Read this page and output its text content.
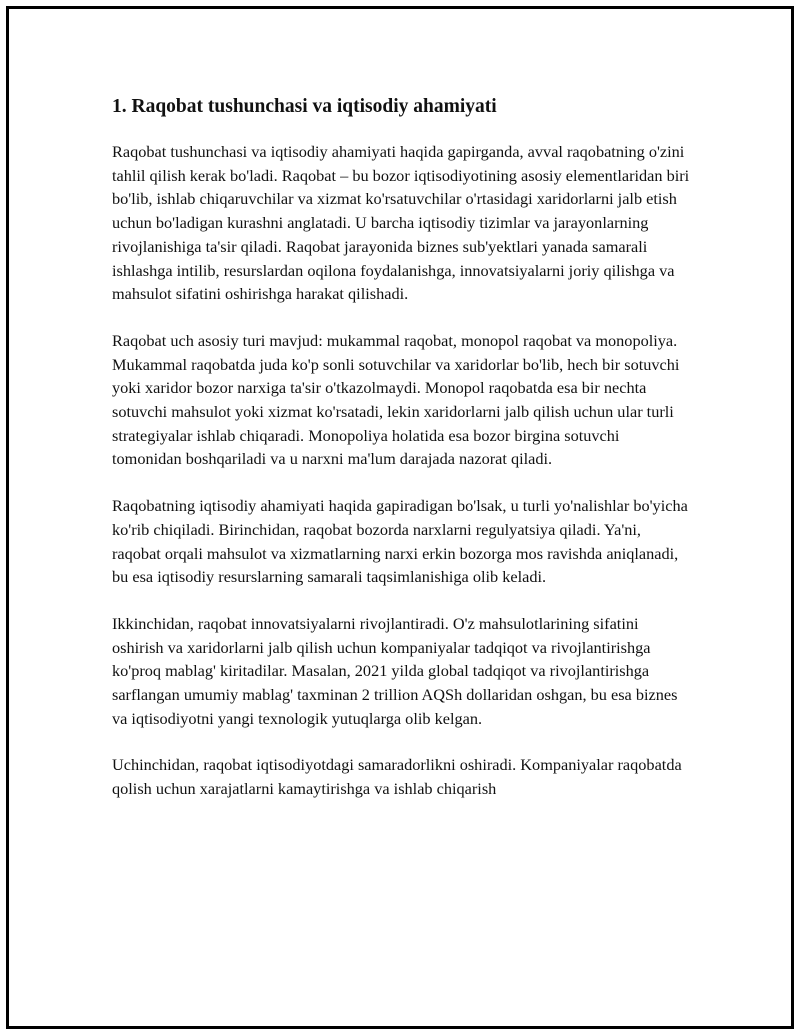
1. Raqobat tushunchasi va iqtisodiy ahamiyati

Raqobat tushunchasi va iqtisodiy ahamiyati haqida gapirganda, avval raqobatning o'zini tahlil qilish kerak bo'ladi. Raqobat – bu bozor iqtisodiyotining asosiy elementlaridan biri bo'lib, ishlab chiqaruvchilar va xizmat ko'rsatuvchilar o'rtasidagi xaridorlarni jalb etish uchun bo'ladigan kurashni anglatadi. U barcha iqtisodiy tizimlar va jarayonlarning rivojlanishiga ta'sir qiladi. Raqobat jarayonida biznes sub'yektlari yanada samarali ishlashga intilib, resurslardan oqilona foydalanishga, innovatsiyalarni joriy qilishga va mahsulot sifatini oshirishga harakat qilishadi.

Raqobat uch asosiy turi mavjud: mukammal raqobat, monopol raqobat va monopoliya. Mukammal raqobatda juda ko'p sonli sotuvchilar va xaridorlar bo'lib, hech bir sotuvchi yoki xaridor bozor narxiga ta'sir o'tkazolmaydi. Monopol raqobatda esa bir nechta sotuvchi mahsulot yoki xizmat ko'rsatadi, lekin xaridorlarni jalb qilish uchun ular turli strategiyalar ishlab chiqaradi. Monopoliya holatida esa bozor birgina sotuvchi tomonidan boshqariladi va u narxni ma'lum darajada nazorat qiladi.

Raqobatning iqtisodiy ahamiyati haqida gapiradigan bo'lsak, u turli yo'nalishlar bo'yicha ko'rib chiqiladi. Birinchidan, raqobat bozorda narxlarni regulyatsiya qiladi. Ya'ni, raqobat orqali mahsulot va xizmatlarning narxi erkin bozorga mos ravishda aniqlanadi, bu esa iqtisodiy resurslarning samarali taqsimlanishiga olib keladi.

Ikkinchidan, raqobat innovatsiyalarni rivojlantiradi. O'z mahsulotlarining sifatini oshirish va xaridorlarni jalb qilish uchun kompaniyalar tadqiqot va rivojlantirishga ko'proq mablag' kiritadilar. Masalan, 2021 yilda global tadqiqot va rivojlantirishga sarflangan umumiy mablag' taxminan 2 trillion AQSh dollaridan oshgan, bu esa biznes va iqtisodiyotni yangi texnologik yutuqlarga olib kelgan.

Uchinchidan, raqobat iqtisodiyotdagi samaradorlikni oshiradi. Kompaniyalar raqobatda qolish uchun xarajatlarni kamaytirishga va ishlab chiqarish
